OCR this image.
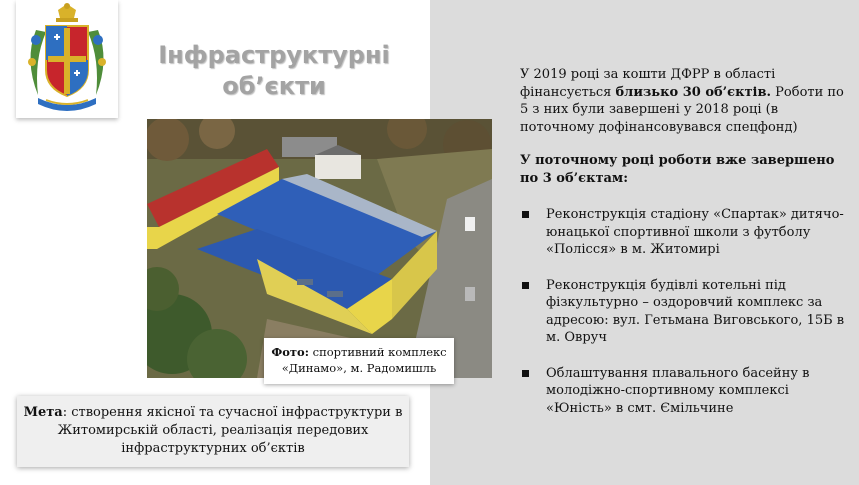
Інфраструктурні
об’єкти
Фото: спортивний комплекс «Динамо», м. Радомишль
Мета: створення якісної та сучасної інфраструктури в Житомирській області, реалізація передових інфраструктурних об’єктів
У 2019 році за кошти ДФРР в області фінансується близько 30 об’єктів. Роботи по 5 з них були завершені у 2018 році (в поточному дофінансовувався спецфонд)
У поточному році роботи вже завершено по 3 об’єктам:
Реконструкція стадіону «Спартак» дитячо-юнацької спортивної школи з футболу «Полісся» в м. Житомирі
Реконструкція будівлі котельні під фізкультурно – оздоровчий комплекс за адресою: вул. Гетьмана Виговського, 15Б в м. Овруч
Облаштування плавального басейну в молодіжно-спортивному комплексі «Юність» в смт. Ємільчине
